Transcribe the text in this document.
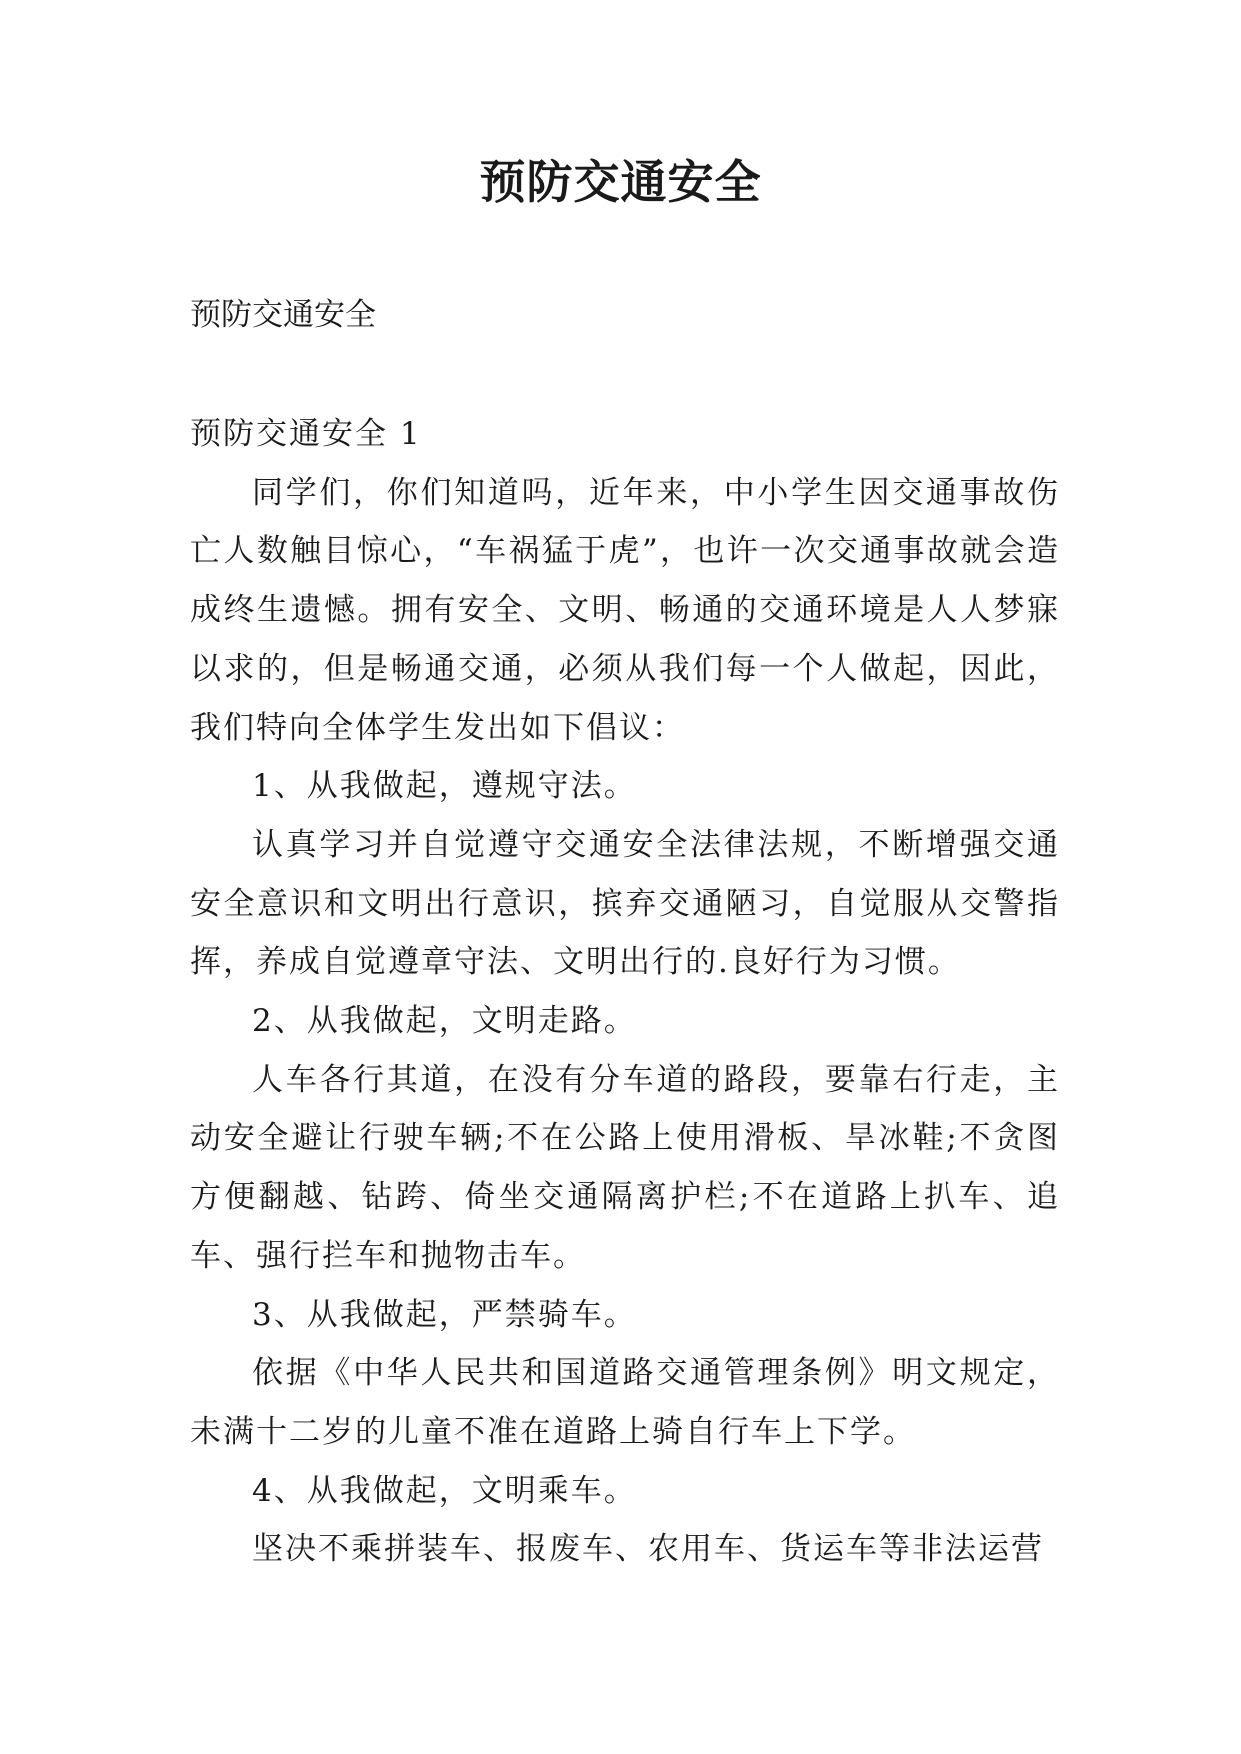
预防交通安全
预防交通安全

预防交通安全 1

同学们，你们知道吗，近年来，中小学生因交通事故伤亡人数触目惊心，“车祸猛于虎”，也许一次交通事故就会造成终生遗憾。拥有安全、文明、畅通的交通环境是人人梦寐以求的，但是畅通交通，必须从我们每一个人做起，因此，我们特向全体学生发出如下倡议：

1、从我做起，遵规守法。

认真学习并自觉遵守交通安全法律法规，不断增强交通安全意识和文明出行意识，摈弃交通陋习，自觉服从交警指挥，养成自觉遵章守法、文明出行的.良好行为习惯。

2、从我做起，文明走路。

人车各行其道，在没有分车道的路段，要靠右行走，主动安全避让行驶车辆;不在公路上使用滑板、旱冰鞋;不贪图方便翻越、钻跨、倚坐交通隔离护栏;不在道路上扒车、追车、强行拦车和抛物击车。

3、从我做起，严禁骑车。

依据《中华人民共和国道路交通管理条例》明文规定，未满十二岁的儿童不准在道路上骑自行车上下学。

4、从我做起，文明乘车。

坚决不乘拼装车、报废车、农用车、货运车等非法运营
